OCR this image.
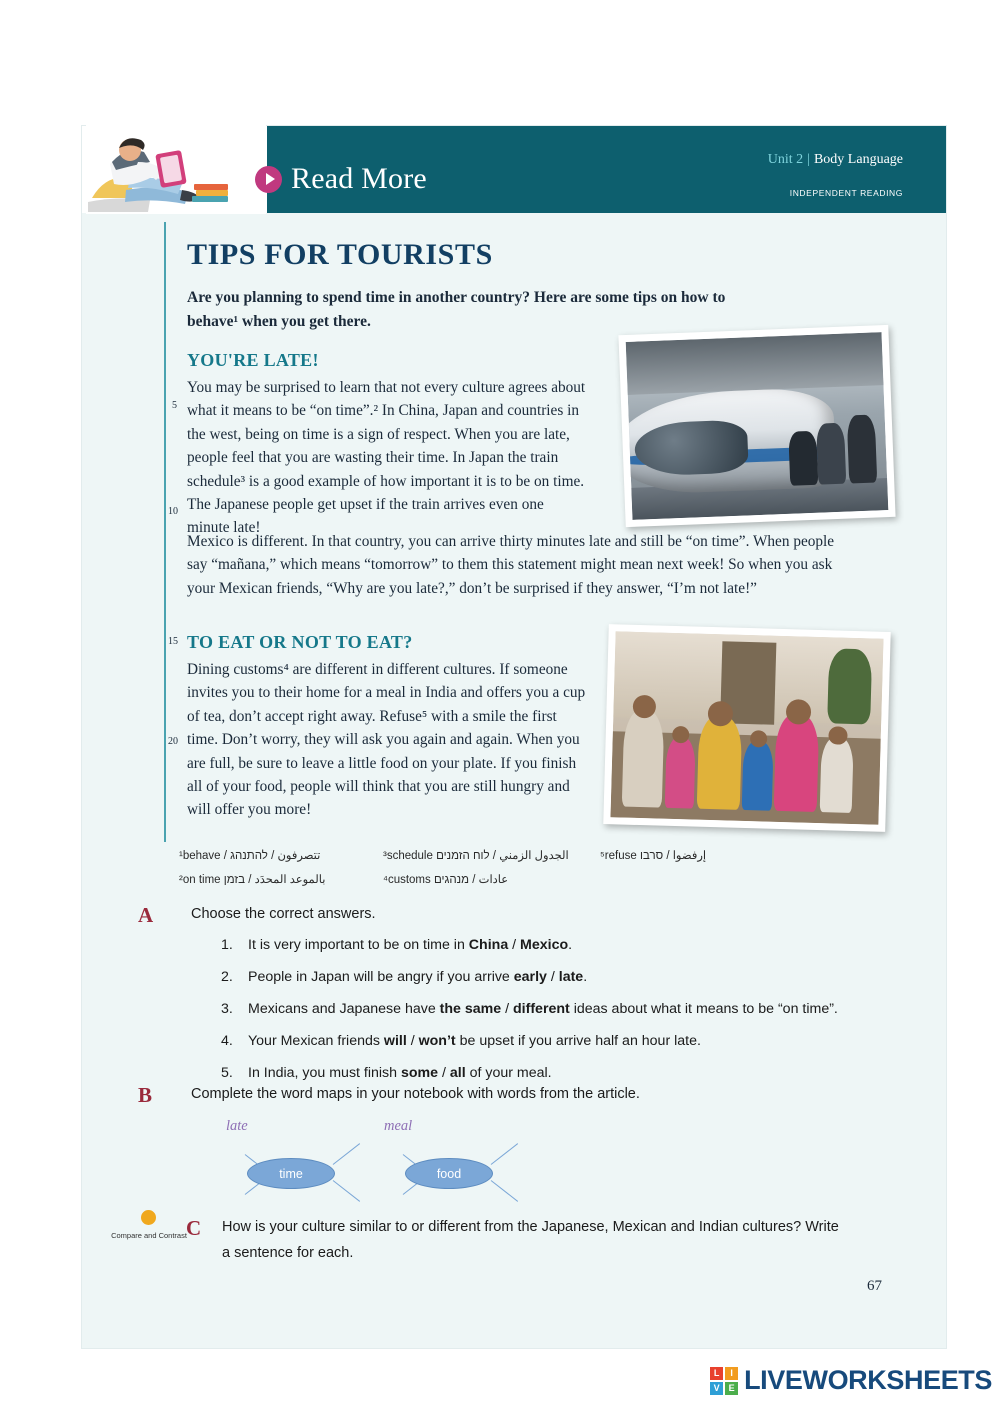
Read More
Unit 2 | Body Language
INDEPENDENT READING
TIPS FOR TOURISTS
Are you planning to spend time in another country? Here are some tips on how to behave¹ when you get there.
YOU'RE LATE!
You may be surprised to learn that not every culture agrees about what it means to be “on time”.² In China, Japan and countries in the west, being on time is a sign of respect. When you are late, people feel that you are wasting their time. In Japan the train schedule³ is a good example of how important it is to be on time. The Japanese people get upset if the train arrives even one minute late!
Mexico is different. In that country, you can arrive thirty minutes late and still be “on time”. When people say “mañana,” which means “tomorrow” to them this statement might mean next week! So when you ask your Mexican friends, “Why are you late?,” don’t be surprised if they answer, “I’m not late!”
TO EAT OR NOT TO EAT?
Dining customs⁴ are different in different cultures. If someone invites you to their home for a meal in India and offers you a cup of tea, don’t accept right away. Refuse⁵ with a smile the first time. Don’t worry, they will ask you again and again. When you are full, be sure to leave a little food on your plate. If you finish all of your food, people will think that you are still hungry and will offer you more!
5
10
15
20
¹behave / تتصرفون / להתנהג
²on time بالموعد المحدَد / בזמן
³schedule الجدول الزمني / לוח הזמנים
⁴customs عادات / מנהגים
⁵refuse إرفضوا / סרבו
A	Choose the correct answers.
1. It is very important to be on time in China / Mexico.
2. People in Japan will be angry if you arrive early / late.
3. Mexicans and Japanese have the same / different ideas about what it means to be “on time”.
4. Your Mexican friends will / won’t be upset if you arrive half an hour late.
5. In India, you must finish some / all of your meal.
B	Complete the word maps in your notebook with words from the article.
late
time
meal
food
Compare and Contrast C How is your culture similar to or different from the Japanese, Mexican and Indian cultures? Write a sentence for each.
67
L	I
V E LIVEWORKSHEETS
